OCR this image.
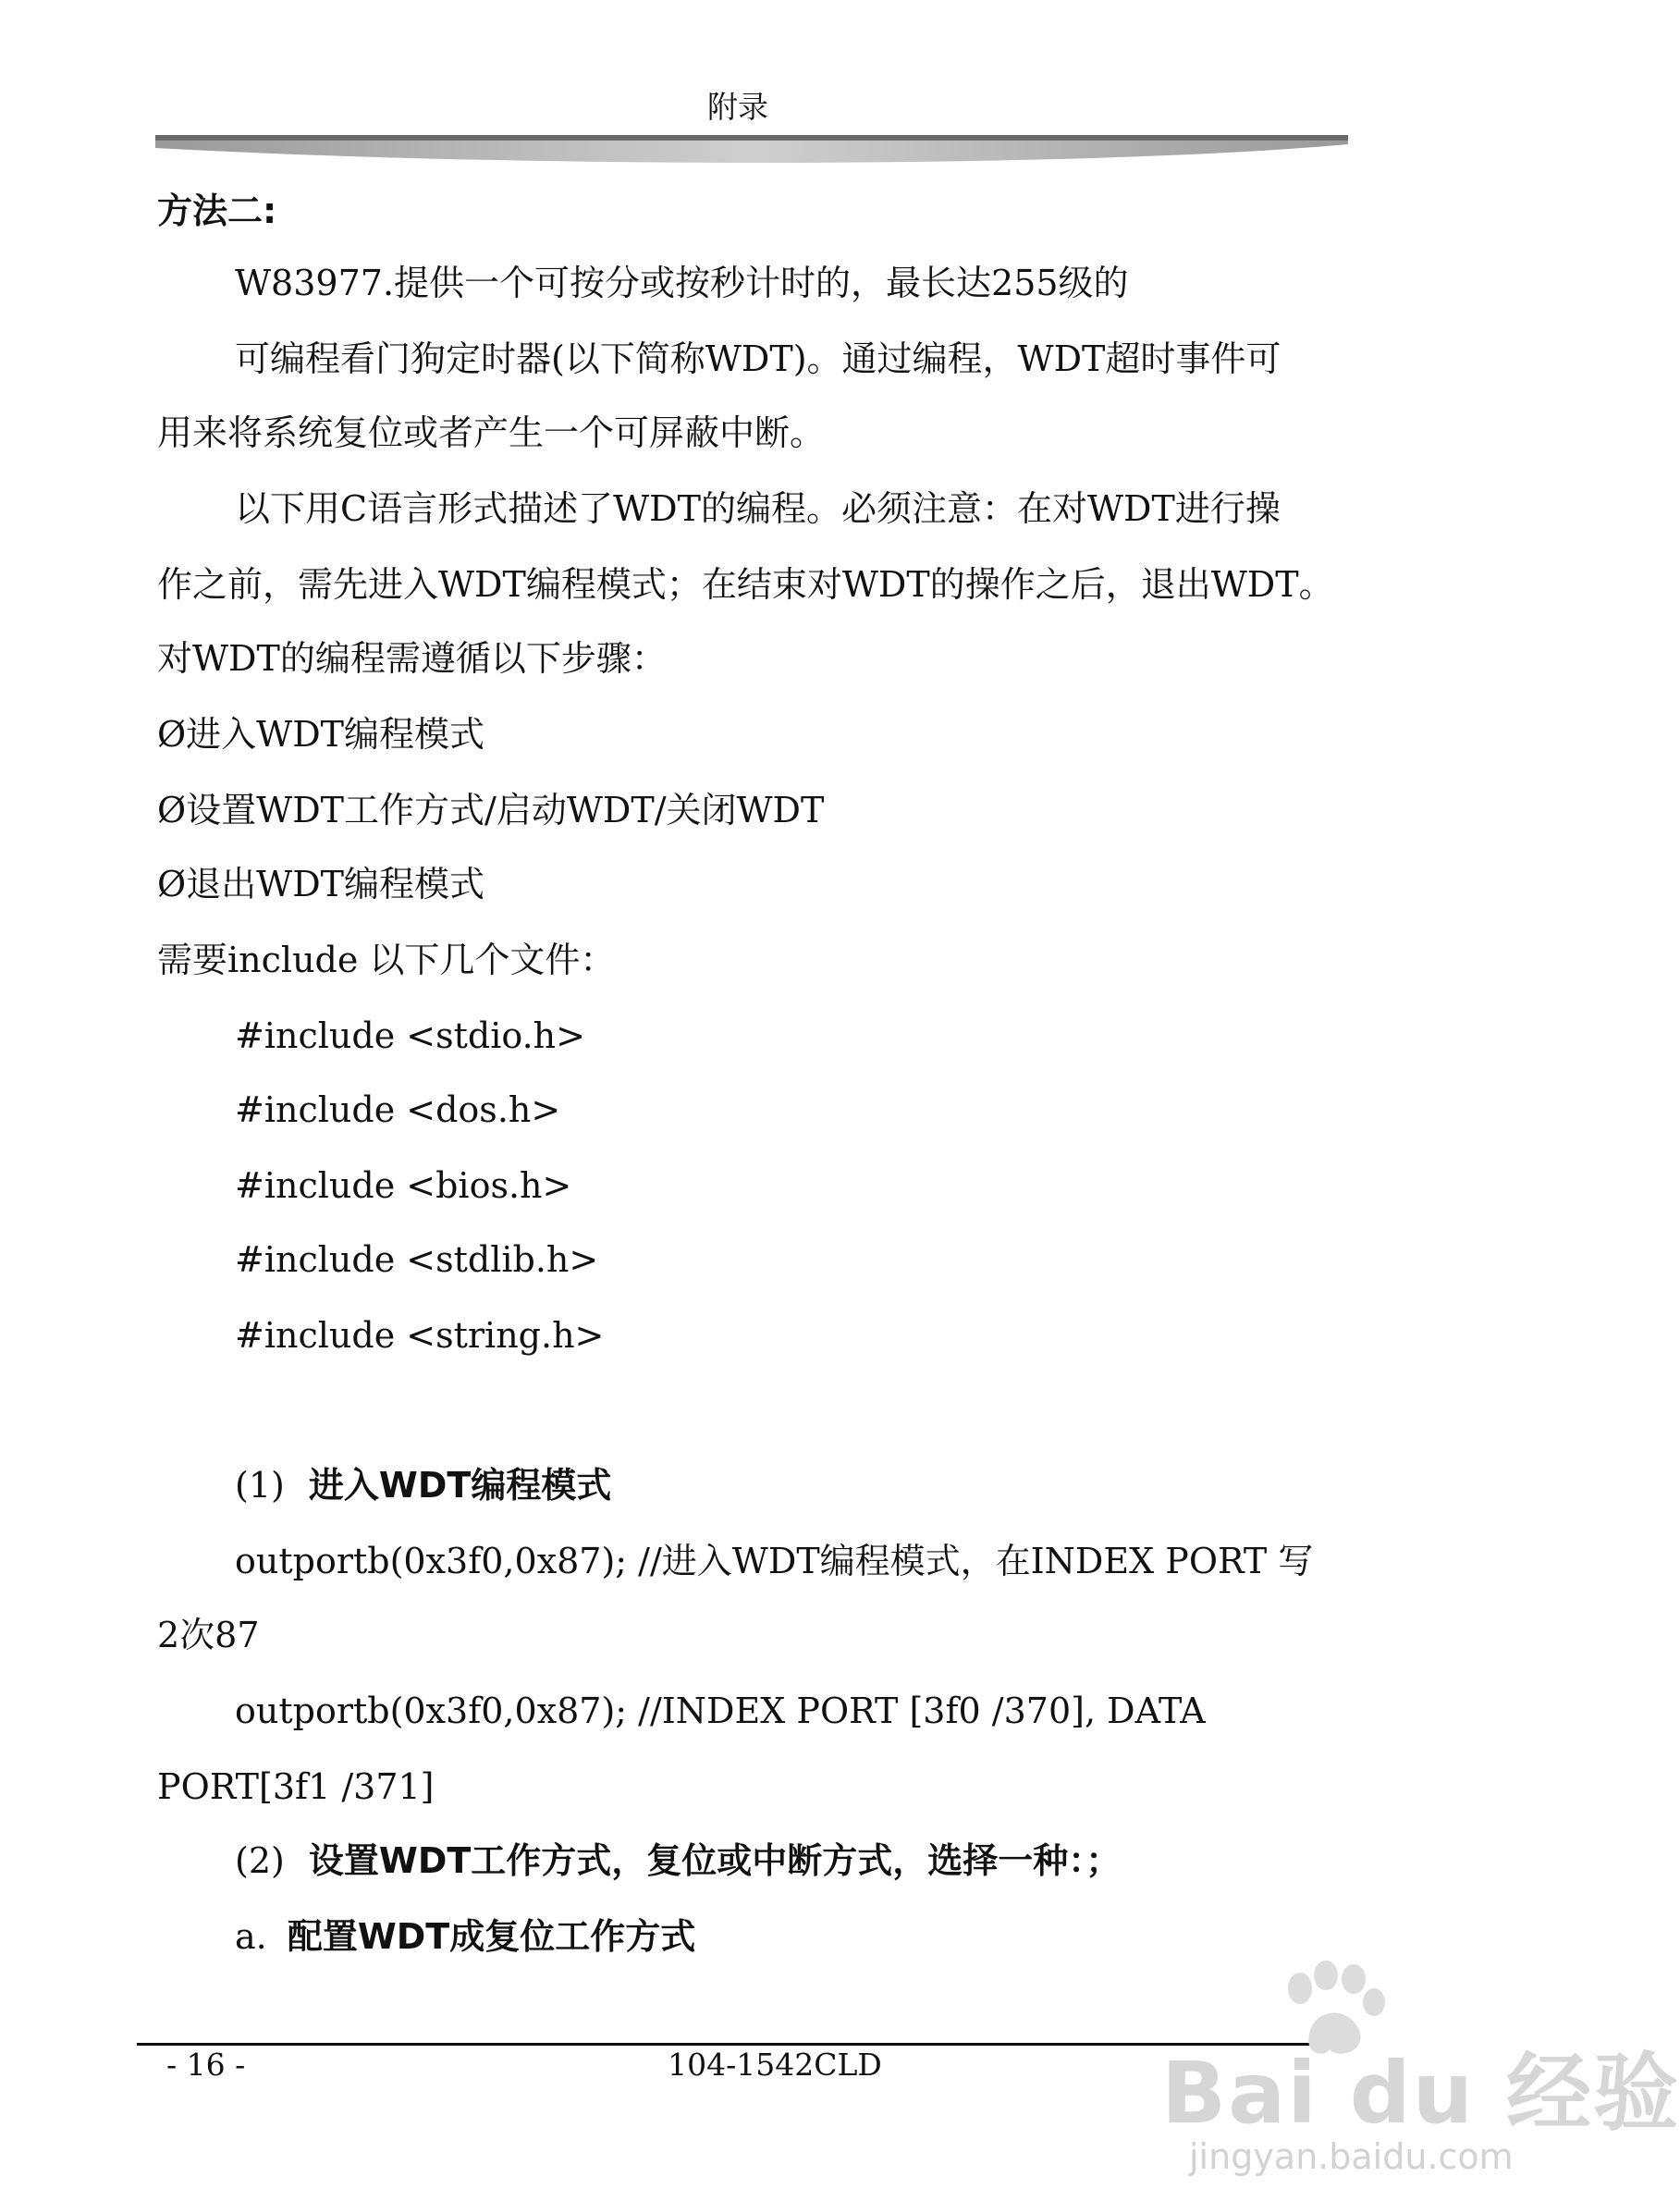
附录
方法二:
W83977.提供一个可按分或按秒计时的，最长达255级的
可编程看门狗定时器(以下简称WDT)。通过编程，WDT超时事件可
用来将系统复位或者产生一个可屏蔽中断。
以下用C语言形式描述了WDT的编程。必须注意：在对WDT进行操
作之前，需先进入WDT编程模式；在结束对WDT的操作之后，退出WDT。
对WDT的编程需遵循以下步骤：
Ø进入WDT编程模式
Ø设置WDT工作方式/启动WDT/关闭WDT
Ø退出WDT编程模式
需要include 以下几个文件：
#include <stdio.h>
#include <dos.h>
#include <bios.h>
#include <stdlib.h>
#include <string.h>
(1) 进入WDT编程模式
outportb(0x3f0,0x87); //进入WDT编程模式，在INDEX PORT 写
2次87
outportb(0x3f0,0x87); //INDEX PORT [3f0 /370], DATA
PORT[3f1 /371]
(2) 设置WDT工作方式，复位或中断方式，选择一种：；
a. 配置WDT成复位工作方式
- 16 -	104-1542CLD	Bai du 经验
jingyan.baidu.com
